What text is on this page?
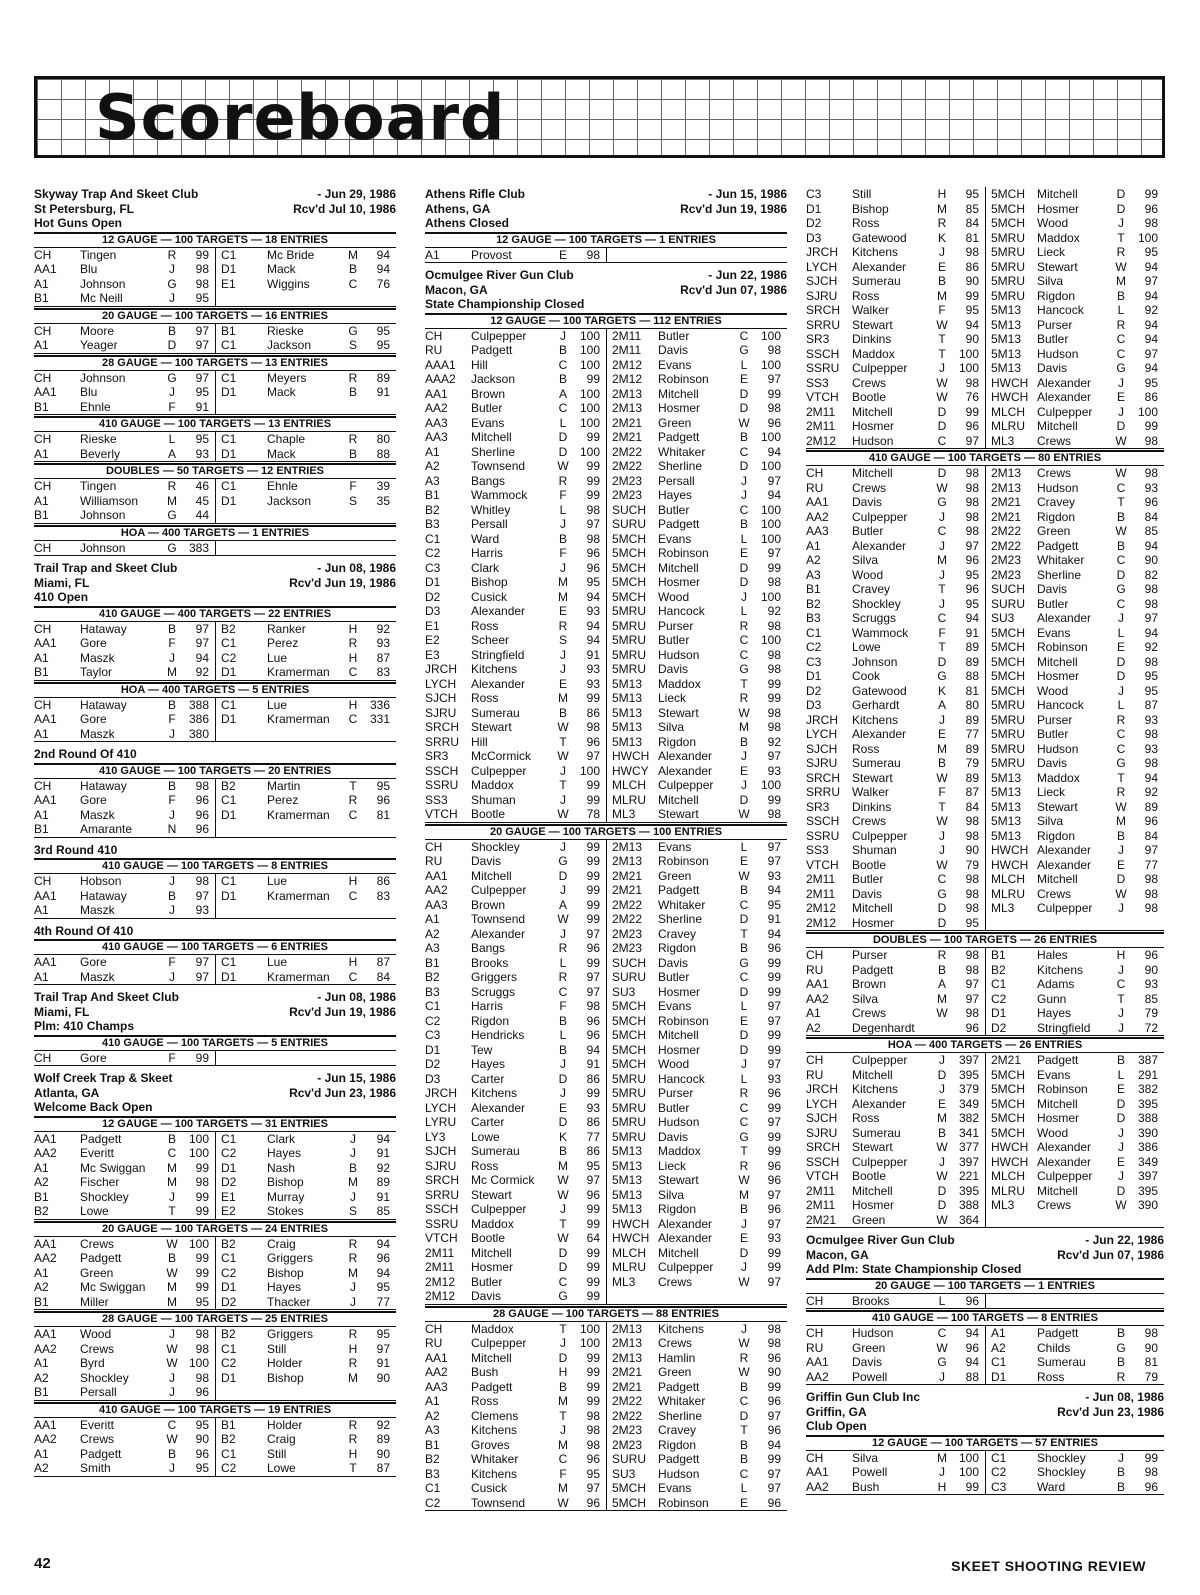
Scoreboard
Skyway Trap And Skeet Club	- Jun 29, 1986
St Petersburg, FL	Rcv'd Jul 10, 1986
Hot Guns Open
12 GAUGE — 100 TARGETS — 18 ENTRIES
CH	Tingen	R	99	C1	Mc Bride	M	94
AA1	Blu	J	98	D1	Mack	B	94
A1	Johnson	G	98	E1	Wiggins	C	76
B1	Mc Neill	J	95
20 GAUGE — 100 TARGETS — 16 ENTRIES
CH	Moore	B	97	B1	Rieske	G	95
A1	Yeager	D	97	C1	Jackson	S	95
28 GAUGE — 100 TARGETS — 13 ENTRIES
CH	Johnson	G	97	C1	Meyers	R	89
AA1	Blu	J	95	D1	Mack	B	91
B1	Ehnle	F	91
410 GAUGE — 100 TARGETS — 13 ENTRIES
CH	Rieske	L	95	C1	Chaple	R	80
A1	Beverly	A	93	D1	Mack	B	88
DOUBLES — 50 TARGETS — 12 ENTRIES
CH	Tingen	R	46	C1	Ehnle	F	39
A1	Williamson	M	45	D1	Jackson	S	35
B1	Johnson	G	44
HOA — 400 TARGETS — 1 ENTRIES
CH	Johnson	G	383
Trail Trap and Skeet Club	- Jun 08, 1986
Miami, FL	Rcv'd Jun 19, 1986
410 Open
410 GAUGE — 400 TARGETS — 22 ENTRIES
CH	Hataway	B	97	B2	Ranker	H	92
AA1	Gore	F	97	C1	Perez	R	93
A1	Maszk	J	94	C2	Lue	H	87
B1	Taylor	M	92	D1	Kramerman	C	83
HOA — 400 TARGETS — 5 ENTRIES
CH	Hataway	B	388	C1	Lue	H	336
AA1	Gore	F	386	D1	Kramerman	C	331
A1	Maszk	J	380
2nd Round Of 410
410 GAUGE — 100 TARGETS — 20 ENTRIES
CH	Hataway	B	98	B2	Martin	T	95
AA1	Gore	F	96	C1	Perez	R	96
A1	Maszk	J	96	D1	Kramerman	C	81
B1	Amarante	N	96
3rd Round 410
410 GAUGE — 100 TARGETS — 8 ENTRIES
CH	Hobson	J	98	C1	Lue	H	86
AA1	Hataway	B	97	D1	Kramerman	C	83
A1	Maszk	J	93
4th Round Of 410
410 GAUGE — 100 TARGETS — 6 ENTRIES
AA1	Gore	F	97	C1	Lue	H	87
A1	Maszk	J	97	D1	Kramerman	C	84
Trail Trap And Skeet Club	- Jun 08, 1986
Miami, FL	Rcv'd Jun 19, 1986
Plm: 410 Champs
410 GAUGE — 100 TARGETS — 5 ENTRIES
CH	Gore	F	99
Wolf Creek Trap & Skeet	- Jun 15, 1986
Atlanta, GA	Rcv'd Jun 23, 1986
Welcome Back Open
12 GAUGE — 100 TARGETS — 31 ENTRIES
AA1	Padgett	B	100	C1	Clark	J	94
AA2	Everitt	C	100	C2	Hayes	J	91
A1	Mc Swiggan	M	99	D1	Nash	B	92
A2	Fischer	M	98	D2	Bishop	M	89
B1	Shockley	J	99	E1	Murray	J	91
B2	Lowe	T	99	E2	Stokes	S	85
20 GAUGE — 100 TARGETS — 24 ENTRIES
AA1	Crews	W 100	B2	Craig	R	94
AA2	Padgett	B	99	C1	Griggers	R	96
A1	Green	W	99	C2	Bishop	M	94
A2	Mc Swiggan	M	99	D1	Hayes	J	95
B1	Miller	M	95	D2	Thacker	J	77
28 GAUGE — 100 TARGETS — 25 ENTRIES
AA1	Wood	J	98	B2	Griggers	R	95
AA2	Crews	W	98	C1	Still	H	97
A1	Byrd	W 100	C2	Holder	R	91
A2	Shockley	J	98	D1	Bishop	M	90
B1	Persall	J	96
410 GAUGE — 100 TARGETS — 19 ENTRIES
AA1	Everitt	C	95	B1	Holder	R	92
AA2	Crews	W	90	B2	Craig	R	89
A1	Padgett	B	96	C1	Still	H	90
A2	Smith	J	95	C2	Lowe	T	87
Athens Rifle Club	- Jun 15, 1986
Athens, GA	Rcv'd Jun 19, 1986
Athens Closed
12 GAUGE — 100 TARGETS — 1 ENTRIES
A1	Provost	E	98
Ocmulgee River Gun Club	- Jun 22, 1986
Macon, GA	Rcv'd Jun 07, 1986
State Championship Closed
12 GAUGE — 100 TARGETS — 112 ENTRIES
CH	Culpepper	J	100	2M11	Butler	C	100
RU	Padgett	B	100	2M11	Davis	G	98
AAA1	Hill	C	100	2M12	Evans	L	100
AAA2	Jackson	B	99	2M12	Robinson	E	97
AA1	Brown	A	100	2M13	Mitchell	D	99
AA2	Butler	C	100	2M13	Hosmer	D	98
AA3	Evans	L	100	2M21	Green	W	96
AA3	Mitchell	D	99	2M21	Padgett	B	100
A1	Sherline	D	100	2M22	Whitaker	C	94
A2	Townsend	W	99	2M22	Sherline	D	100
A3	Bangs	R	99	2M23	Persall	J	97
B1	Wammock	F	99	2M23	Hayes	J	94
B2	Whitley	L	98	SUCH Butler	C	100
B3	Persall	J	97	SURU Padgett	B	100
C1	Ward	B	98	5MCH Evans	L	100
C2	Harris	F	96	5MCH Robinson	E	97
C3	Clark	J	96	5MCH Mitchell	D	99
D1	Bishop	M	95	5MCH Hosmer	D	98
D2	Cusick	M	94	5MCH Wood	J	100
D3	Alexander	E	93	5MRU Hancock	L	92
E1	Ross	R	94	5MRU Purser	R	98
E2	Scheer	S	94	5MRU Butler	C	100
E3	Stringfield	J	91	5MRU Hudson	C	98
JRCH	Kitchens	J	93	5MRU Davis	G	98
LYCH	Alexander	E	93	5M13	Maddox	T	99
SJCH	Ross	M	99	5M13	Lieck	R	99
SJRU	Sumerau	B	86	5M13	Stewart	W	98
SRCH Stewart	W	98	5M13	Silva	M	98
SRRU Hill	T	96	5M13	Rigdon	B	92
SR3	McCormick	W	97	HWCH Alexander	J	97
SSCH	Culpepper	J	100	HWCY Alexander	E	93
SSRU	Maddox	T	99	MLCH Culpepper	J	100
SS3	Shuman	J	99	MLRU Mitchell	D	99
VTCH	Bootle	W	78	ML3	Stewart	W	98
20 GAUGE — 100 TARGETS — 100 ENTRIES
CH	Shockley	J	99	2M13	Evans	L	97
RU	Davis	G	99	2M13	Robinson	E	97
AA1	Mitchell	D	99	2M21	Green	W	93
AA2	Culpepper	J	99	2M21	Padgett	B	94
AA3	Brown	A	99	2M22	Whitaker	C	95
A1	Townsend	W	99	2M22	Sherline	D	91
A2	Alexander	J	97	2M23	Cravey	T	94
A3	Bangs	R	96	2M23	Rigdon	B	96
B1	Brooks	L	99	SUCH Davis	G	99
B2	Griggers	R	97	SURU Butler	C	99
B3	Scruggs	C	97	SU3	Hosmer	D	99
C1	Harris	F	98	5MCH Evans	L	97
C2	Rigdon	B	96	5MCH Robinson	E	97
C3	Hendricks	L	96	5MCH Mitchell	D	99
D1	Tew	B	94	5MCH Hosmer	D	99
D2	Hayes	J	91	5MCH Wood	J	97
D3	Carter	D	86	5MRU Hancock	L	93
JRCH	Kitchens	J	99	5MRU Purser	R	96
LYCH	Alexander	E	93	5MRU Butler	C	99
LYRU	Carter	D	86	5MRU Hudson	C	97
LY3	Lowe	K	77	5MRU Davis	G	99
SJCH	Sumerau	B	86	5M13	Maddox	T	99
SJRU	Ross	M	95	5M13	Lieck	R	96
SRCH Mc Cormick	W	97	5M13	Stewart	W	96
SRRU Stewart	W	96	5M13	Silva	M	97
SSCH	Culpepper	J	99	5M13	Rigdon	B	96
SSRU	Maddox	T	99	HWCH Alexander	J	97
VTCH	Bootle	W	64	HWCH Alexander	E	93
2M11	Mitchell	D	99	MLCH Mitchell	D	99
2M11	Hosmer	D	99	MLRU Culpepper	J	99
2M12	Butler	C	99	ML3	Crews	W	97
2M12	Davis	G	99
28 GAUGE — 100 TARGETS — 88 ENTRIES
CH	Maddox	T	100	2M13	Kitchens	J	98
RU	Culpepper	J	100	2M13	Crews	W	98
AA1	Mitchell	D	99	2M13	Hamlin	R	96
AA2	Bush	H	99	2M21	Green	W	90
AA3	Padgett	B	99	2M21	Padgett	B	99
A1	Ross	M	99	2M22	Whitaker	C	96
A2	Clemens	T	98	2M22	Sherline	D	97
A3	Kitchens	J	98	2M23	Cravey	T	96
B1	Groves	M	98	2M23	Rigdon	B	94
B2	Whitaker	C	96	SURU Padgett	B	99
B3	Kitchens	F	95	SU3	Hudson	C	97
C1	Cusick	M	97	5MCH Evans	L	97
C2	Townsend	W	96	5MCH Robinson	E	96
C3	Still	H	95	5MCH Mitchell	D	99
D1	Bishop	M	85	5MCH Hosmer	D	96
D2	Ross	R	84	5MCH Wood	J	98
D3	Gatewood	K	81	5MRU Maddox	T	100
JRCH	Kitchens	J	98	5MRU Lieck	R	95
LYCH	Alexander	E	86	5MRU Stewart	W	94
SJCH	Sumerau	B	90	5MRU Silva	M	97
SJRU	Ross	M	99	5MRU Rigdon	B	94
SRCH Walker	F	95	5M13	Hancock	L	92
SRRU Stewart	W	94	5M13	Purser	R	94
SR3	Dinkins	T	90	5M13	Butler	C	94
SSCH	Maddox	T	100	5M13	Hudson	C	97
SSRU	Culpepper	J	100	5M13	Davis	G	94
SS3	Crews	W	98	HWCH Alexander	J	95
VTCH	Bootle	W	76	HWCH Alexander	E	86
2M11	Mitchell	D	99	MLCH Culpepper	J	100
2M11	Hosmer	D	96	MLRU Mitchell	D	99
2M12	Hudson	C	97	ML3	Crews	W	98
410 GAUGE — 100 TARGETS — 80 ENTRIES
CH	Mitchell	D	98	2M13	Crews	W	98
RU	Crews	W	98	2M13	Hudson	C	93
AA1	Davis	G	98	2M21	Cravey	T	96
AA2	Culpepper	J	98	2M21	Rigdon	B	84
AA3	Butler	C	98	2M22	Green	W	85
A1	Alexander	J	97	2M22	Padgett	B	94
A2	Silva	M	96	2M23	Whitaker	C	90
A3	Wood	J	95	2M23	Sherline	D	82
B1	Cravey	T	96	SUCH Davis	G	98
B2	Shockley	J	95	SURU Butler	C	98
B3	Scruggs	C	94	SU3	Alexander	J	97
C1	Wammock	F	91	5MCH Evans	L	94
C2	Lowe	T	89	5MCH Robinson	E	92
C3	Johnson	D	89	5MCH Mitchell	D	98
D1	Cook	G	88	5MCH Hosmer	D	95
D2	Gatewood	K	81	5MCH Wood	J	95
D3	Gerhardt	A	80	5MRU Hancock	L	87
JRCH	Kitchens	J	89	5MRU Purser	R	93
LYCH	Alexander	E	77	5MRU Butler	C	98
SJCH	Ross	M	89	5MRU Hudson	C	93
SJRU	Sumerau	B	79	5MRU Davis	G	98
SRCH Stewart	W	89	5M13	Maddox	T	94
SRRU Walker	F	87	5M13	Lieck	R	92
SR3	Dinkins	T	84	5M13	Stewart	W	89
SSCH	Crews	W	98	5M13	Silva	M	96
SSRU	Culpepper	J	98	5M13	Rigdon	B	84
SS3	Shuman	J	90	HWCH Alexander	J	97
VTCH	Bootle	W	79	HWCH Alexander	E	77
2M11	Butler	C	98	MLCH Mitchell	D	98
2M11	Davis	G	98	MLRU Crews	W	98
2M12	Mitchell	D	98	ML3	Culpepper	J	98
2M12	Hosmer	D	95
DOUBLES — 100 TARGETS — 26 ENTRIES
CH	Purser	R	98	B1	Hales	H	96
RU	Padgett	B	98	B2	Kitchens	J	90
AA1	Brown	A	97	C1	Adams	C	93
AA2	Silva	M	97	C2	Gunn	T	85
A1	Crews	W	98	D1	Hayes	J	79
A2	Degenhardt	96	D2	Stringfield	J	72
HOA — 400 TARGETS — 26 ENTRIES
CH	Culpepper	J	397	2M21	Padgett	B	387
RU	Mitchell	D	395	5MCH Evans	L	291
JRCH	Kitchens	J	379	5MCH Robinson	E	382
LYCH	Alexander	E	349	5MCH Mitchell	D	395
SJCH	Ross	M 382	5MCH Hosmer	D	388
SJRU	Sumerau	B	341	5MCH Wood	J	390
SRCH Stewart	W 377	HWCH Alexander	J	386
SSCH	Culpepper	J	397	HWCH Alexander	E	349
VTCH	Bootle	W 221	MLCH Culpepper	J	397
2M11	Mitchell	D	395	MLRU Mitchell	D	395
2M11	Hosmer	D	388	ML3	Crews	W 390
2M21	Green	W 364
Ocmulgee River Gun Club	- Jun 22, 1986
Macon, GA	Rcv'd Jun 07, 1986
Add Plm: State Championship Closed
20 GAUGE — 100 TARGETS — 1 ENTRIES
CH	Brooks	L	96
410 GAUGE — 100 TARGETS — 8 ENTRIES
CH	Hudson	C	94	A1	Padgett	B	98
RU	Green	W	96	A2	Childs	G	90
AA1	Davis	G	94	C1	Sumerau	B	81
AA2	Powell	J	88	D1	Ross	R	79
Griffin Gun Club Inc	- Jun 08, 1986
Griffin, GA	Rcv'd Jun 23, 1986
Club Open
12 GAUGE — 100 TARGETS — 57 ENTRIES
CH	Silva	M 100	C1	Shockley	J	99
AA1	Powell	J	100	C2	Shockley	B	98
AA2	Bush	H	99	C3	Ward	B	96
42	SKEET SHOOTING REVIEW
